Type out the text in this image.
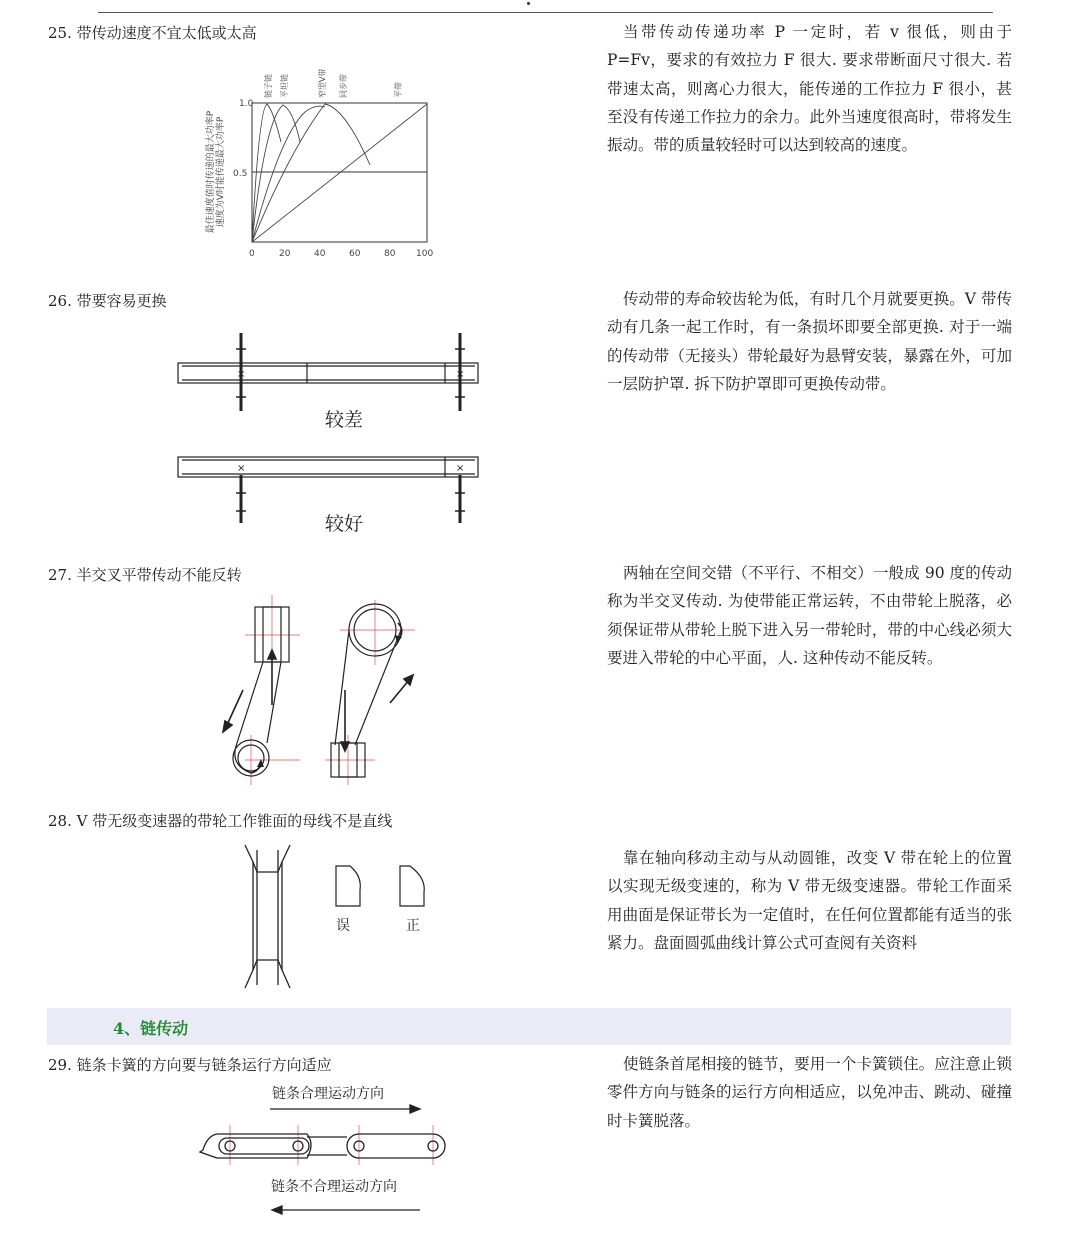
25. 带传动速度不宜太低或太高	当带传动传递功率 P 一定时，若 v 很低，则由于 P=Fv，要求的有效拉力 F 很大. 要求带断面尺寸很大. 若带速太高，则离心力很大，能传递的工作拉力 F 很小，甚至没有传递工作拉力的余力。此外当速度很高时，带将发生振动。带的质量较轻时可以达到较高的速度。
1.0
0.5
0	20	40	60	80 100
最佳速度值时传递的最大功率P 速度为V时能传递最大功率P
链子链 平坦链	窄型V带 同步带	平带
26. 带要容易更换	传动带的寿命较齿轮为低，有时几个月就要更换。V 带传动有几条一起工作时，有一条损坏即要全部更换. 对于一端的传动带（无接头）带轮最好为悬臂安装，暴露在外，可加一层防护罩. 拆下防护罩即可更换传动带。
×	×
×	×
较差
较好
27. 半交叉平带传动不能反转	两轴在空间交错（不平行、不相交）一般成 90 度的传动称为半交叉传动. 为使带能正常运转，不由带轮上脱落，必须保证带从带轮上脱下进入另一带轮时，带的中心线必须大要进入带轮的中心平面，人. 这种传动不能反转。
28. V 带无级变速器的带轮工作锥面的母线不是直线
靠在轴向移动主动与从动圆锥，改变 V 带在轮上的位置以实现无级变速的，称为 V 带无级变速器。带轮工作面采用曲面是保证带长为一定值时，在任何位置都能有适当的张紧力。盘面圆弧曲线计算公式可查阅有关资料
误	正
4、链传动
29. 链条卡簧的方向要与链条运行方向适应	使链条首尾相接的链节，要用一个卡簧锁住。应注意止锁零件方向与链条的运行方向相适应，以免冲击、跳动、碰撞时卡簧脱落。
链条合理运动方向
链条不合理运动方向
